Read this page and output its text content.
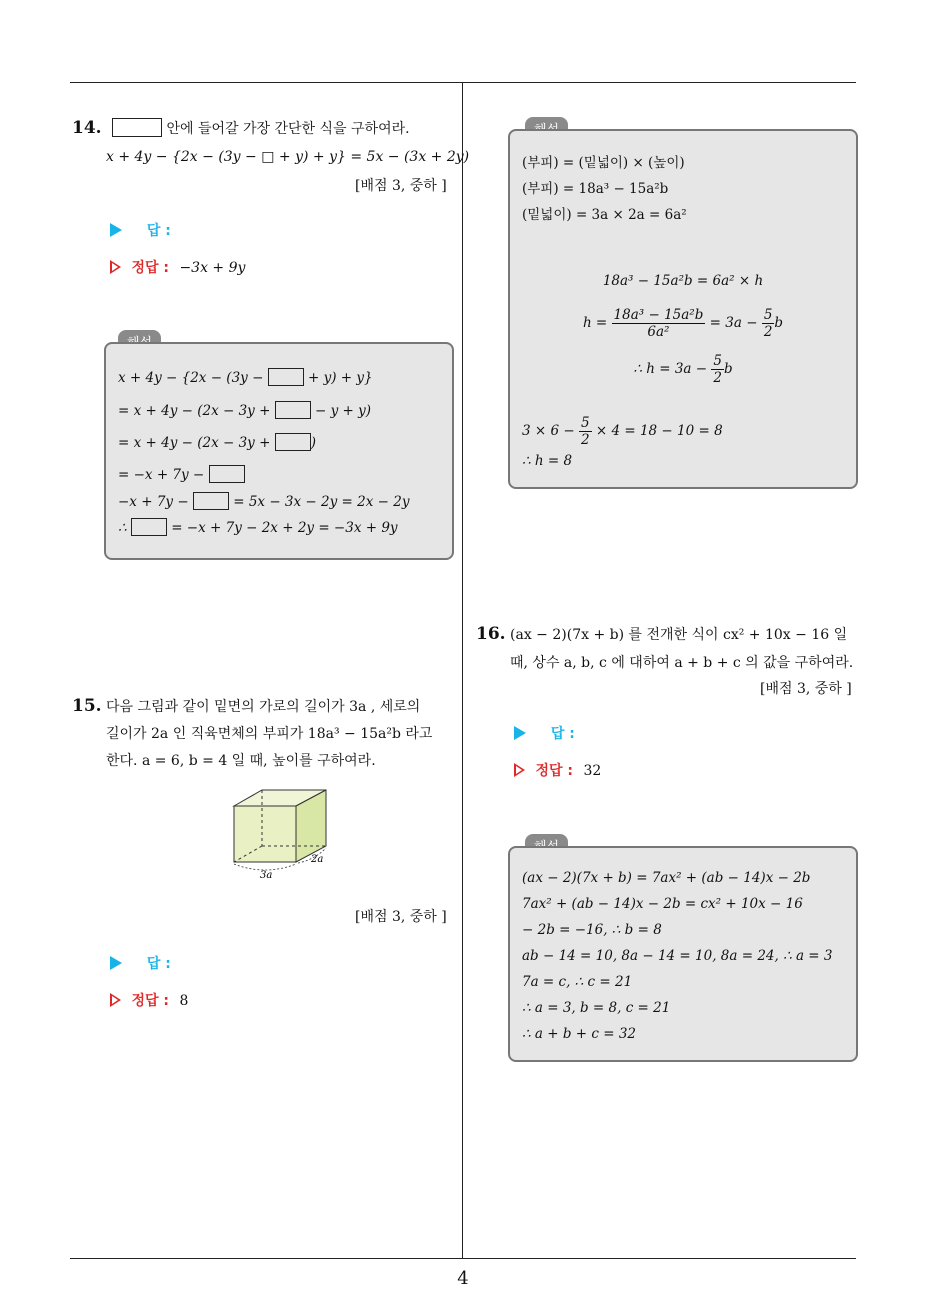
14.	안에 들어갈 가장 간단한 식을 구하여라.
x + 4y − {2x − (3y − □ + y) + y} = 5x − (3x + 2y)
[배점 3, 중하 ]
답 :
정답 : −3x + 9y
x + 4y − {2x − (3y −	+ y) + y}
= x + 4y − (2x − 3y +	− y + y)
= x + 4y − (2x − 3y +	)
= −x + 7y −
−x + 7y −	= 5x − 3x − 2y = 2x − 2y
∴	= −x + 7y − 2x + 2y = −3x + 9y
15. 다음 그림과 같이 밑면의 가로의 길이가 3a , 세로의
길이가 2a 인 직육면체의 부피가 18a³ − 15a²b 라고
한다. a = 6, b = 4 일 때, 높이를 구하여라.
3a
2a
[배점 3, 중하 ]
답 :
정답 : 8
(부피) = (밑넓이) × (높이)
(부피) = 18a³ − 15a²b
(밑넓이) = 3a × 2a = 6a²
18a³ − 15a²b = 6a² × h
$h = \frac{\text{18a³ − 15a²b}}{\text{6a²}} = 3a - \frac{5}{2}$ b
∴ $h = 3a - \frac{5}{2}$ b
$3 \times 6 - \frac{5}{2} \times 4 = 18 - 10 = 8$
∴ h = 8
16. (ax − 2)(7x + b) 를 전개한 식이 cx² + 10x − 16 일
때, 상수 a, b, c 에 대하여 a + b + c 의 값을 구하여라.
[배점 3, 중하 ]
답 :
정답 : 32
(ax − 2)(7x + b) = 7ax² + (ab − 14)x − 2b
7ax² + (ab − 14)x − 2b = cx² + 10x − 16
− 2b = −16, ∴ b = 8
ab − 14 = 10, 8a − 14 = 10, 8a = 24, ∴ a = 3
7a = c, ∴ c = 21
∴ a = 3, b = 8, c = 21
∴ a + b + c = 32
4
